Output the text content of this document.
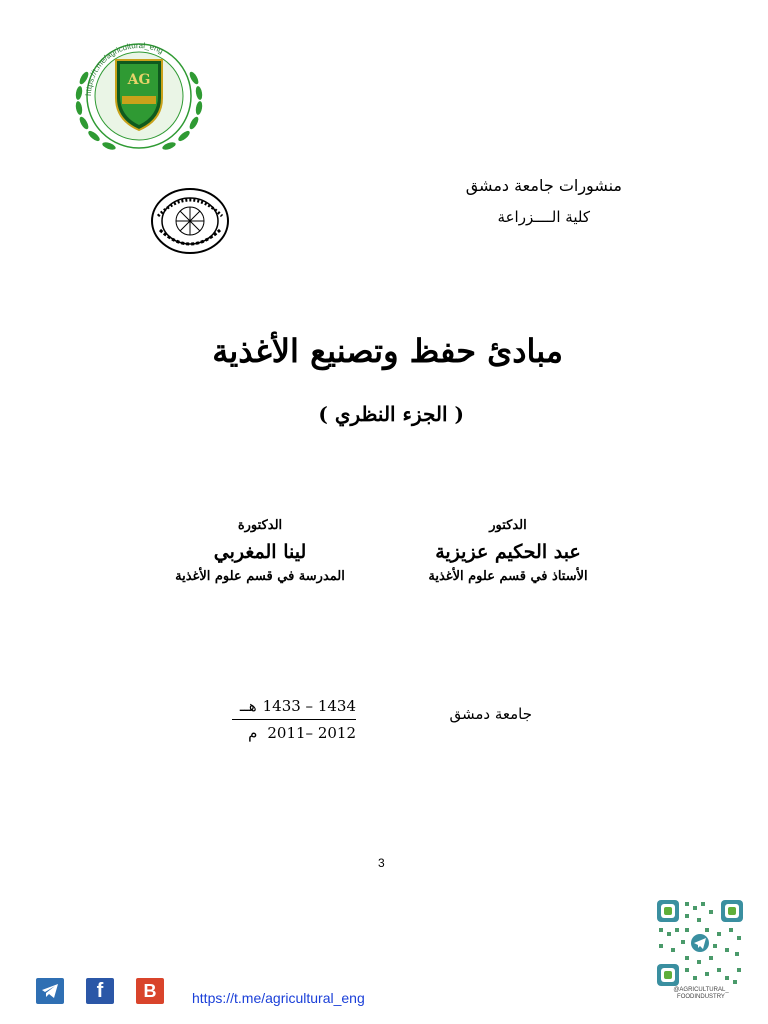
https://t.me/agricultural_eng
AG
منشورات جامعة دمشق
كلية الــــزراعة
مبادئ حفظ وتصنيع الأغذية
( الجزء النظري )
الدكتور
عبد الحكيم عزيزية
الأستاذ في قسم علوم الأغذية
الدكتورة
لينا المغربي
المدرسة في قسم علوم الأغذية
جامعة دمشق
هــ 1433 – 1434
م 2011– 2012
3
f B	https://t.me/agricultural_eng	@AGRICULTURAL_
FOODINDUSTRY
